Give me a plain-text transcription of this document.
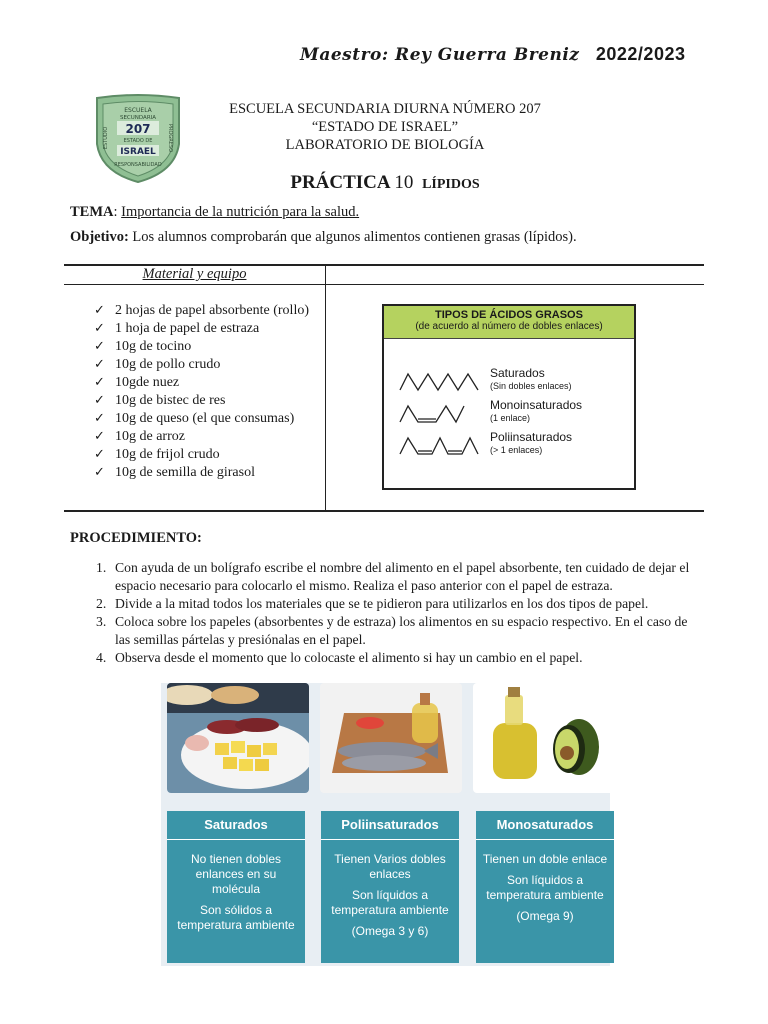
Maestro: Rey Guerra Breniz 2022/2023
ESCUELA
SECUNDARIA
207
ESTADO DE
ISRAEL
ESTUDIO	PROGRESO
RESPONSABILIDAD
ESCUELA SECUNDARIA DIURNA NÚMERO 207
“ESTADO DE ISRAEL”
LABORATORIO DE BIOLOGÍA
PRÁCTICA 10 LÍPIDOS
TEMA: Importancia de la nutrición para la salud.
Objetivo: Los alumnos comprobarán que algunos alimentos contienen grasas (lípidos).
Material y equipo
✓ 2 hojas de papel absorbente (rollo)
✓ 1 hoja de papel de estraza
✓ 10g de tocino
✓ 10g de pollo crudo
✓ 10gde nuez
✓ 10g de bistec de res
✓ 10g de queso (el que consumas)
✓ 10g de arroz
✓ 10g de frijol crudo
✓ 10g de semilla de girasol
TIPOS DE ÁCIDOS GRASOS
(de acuerdo al número de dobles enlaces)
Saturados
(Sin dobles enlaces)
Monoinsaturados
(1 enlace)
Poliinsaturados
(> 1 enlaces)
PROCEDIMIENTO:
1. Con ayuda de un bolígrafo escribe el nombre del alimento en el papel absorbente, ten cuidado de dejar el espacio necesario para colocarlo el mismo. Realiza el paso anterior con el papel de estraza.
2. Divide a la mitad todos los materiales que se te pidieron para utilizarlos en los dos tipos de papel.
3. Coloca sobre los papeles (absorbentes y de estraza) los alimentos en su espacio respectivo. En el caso de las semillas pártelas y presiónalas en el papel.
4. Observa desde el momento que lo colocaste el alimento si hay un cambio en el papel.
Saturados

No tienen dobles enlances en su molécula

Son sólidos a temperatura ambiente

Poliinsaturados

Tienen Varios dobles enlaces

Son líquidos a temperatura ambiente

(Omega 3 y 6)

Monosaturados

Tienen un doble enlace

Son líquidos a temperatura ambiente

(Omega 9)
